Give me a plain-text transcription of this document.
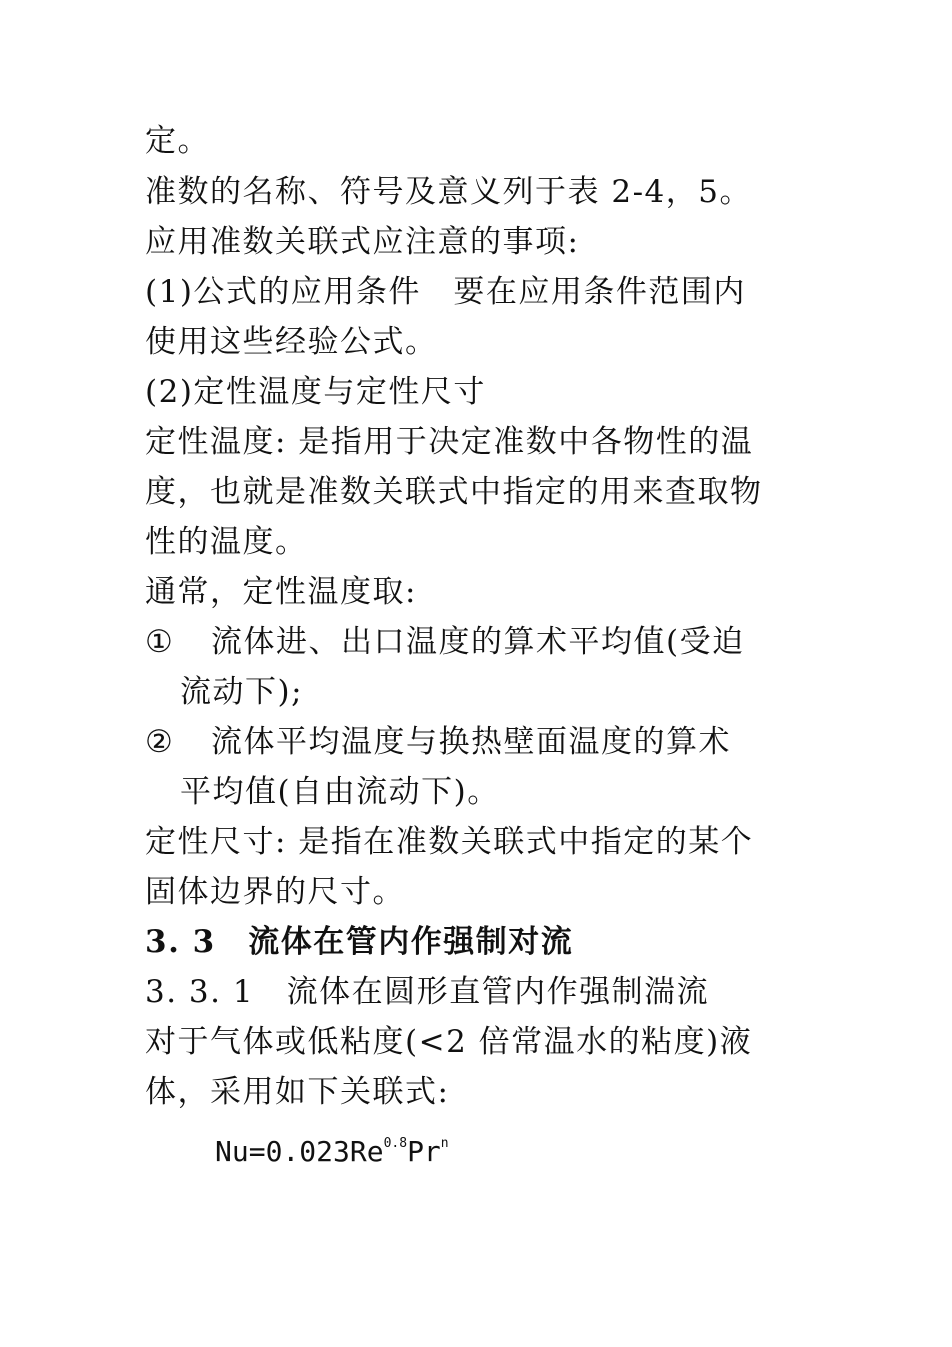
定。
准数的名称、符号及意义列于表 2-4，5。
应用准数关联式应注意的事项:
(1)公式的应用条件　要在应用条件范围内
使用这些经验公式。
(2)定性温度与定性尺寸
定性温度: 是指用于决定准数中各物性的温
度，也就是准数关联式中指定的用来查取物
性的温度。
通常，定性温度取:
① 流体进、出口温度的算术平均值(受迫
流动下);
② 流体平均温度与换热壁面温度的算术
平均值(自由流动下)。
定性尺寸: 是指在准数关联式中指定的某个
固体边界的尺寸。
3. 3　流体在管内作强制对流
3. 3. 1　流体在圆形直管内作强制湍流
对于气体或低粘度(<2 倍常温水的粘度)液
体，采用如下关联式:
$Nu=0.023Re^{0.8}Pr^n$
